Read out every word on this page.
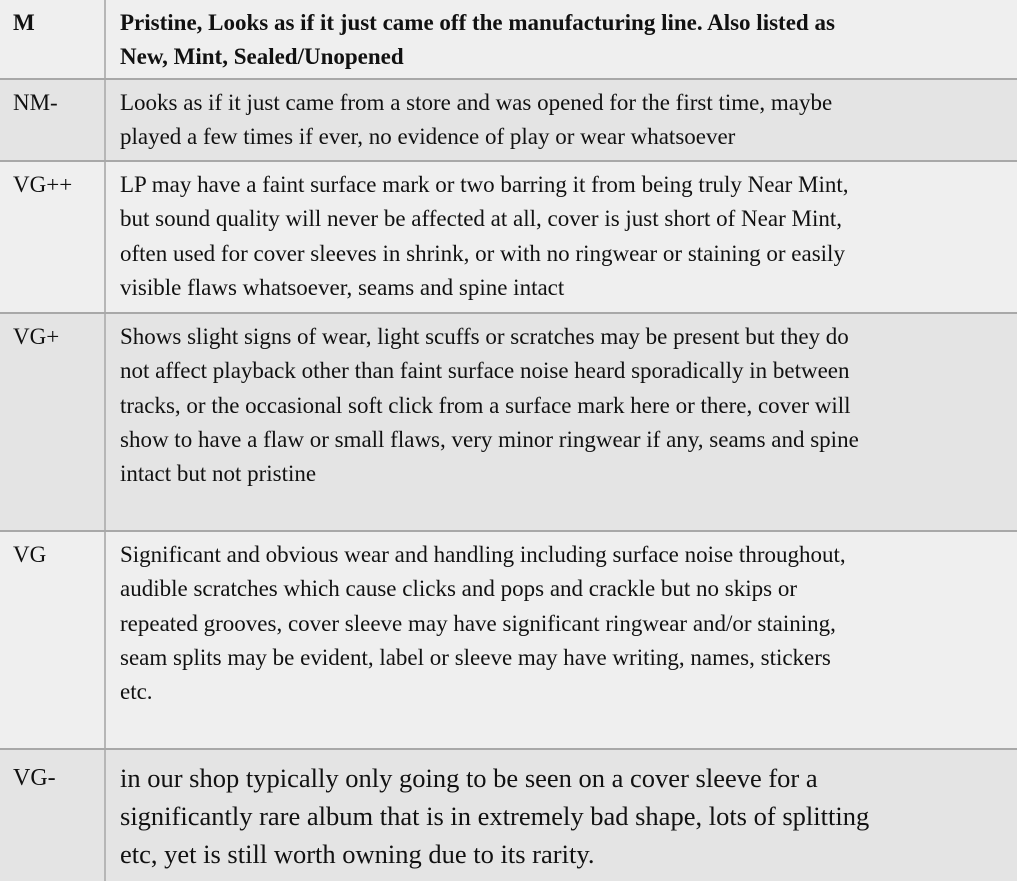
M	Pristine, Looks as if it just came off the manufacturing line. Also listed as
New, Mint, Sealed/Unopened
NM-	Looks as if it just came from a store and was opened for the first time, maybe
played a few times if ever, no evidence of play or wear whatsoever
VG++ LP may have a faint surface mark or two barring it from being truly Near Mint,
but sound quality will never be affected at all, cover is just short of Near Mint,
often used for cover sleeves in shrink, or with no ringwear or staining or easily
visible flaws whatsoever, seams and spine intact
VG+	Shows slight signs of wear, light scuffs or scratches may be present but they do
not affect playback other than faint surface noise heard sporadically in between
tracks, or the occasional soft click from a surface mark here or there, cover will
show to have a flaw or small flaws, very minor ringwear if any, seams and spine
intact but not pristine
VG	Significant and obvious wear and handling including surface noise throughout,
audible scratches which cause clicks and pops and crackle but no skips or
repeated grooves, cover sleeve may have significant ringwear and/or staining,
seam splits may be evident, label or sleeve may have writing, names, stickers
etc.
VG- in our shop typically only going to be seen on a cover sleeve for a
significantly rare album that is in extremely bad shape, lots of splitting
etc, yet is still worth owning due to its rarity.
